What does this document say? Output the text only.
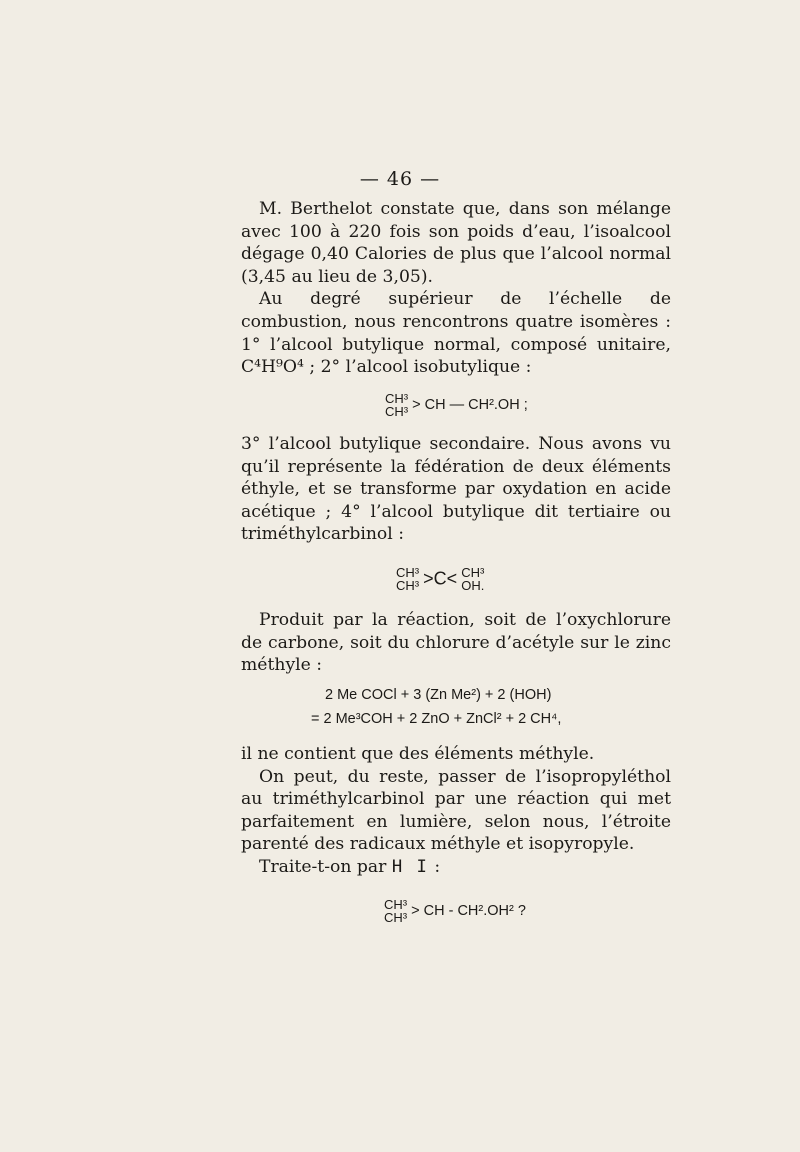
— 46 —

M. Berthelot constate que, dans son mélange avec 100 à 220 fois son poids d’eau, l’isoalcool dégage 0,40 Calories de plus que l’alcool normal (3,45 au lieu de 3,05).

Au degré supérieur de l’échelle de combustion, nous rencontrons quatre isomères : 1° l’alcool butylique normal, composé unitaire, C⁴H⁹O⁴ ; 2° l’alcool isobutylique :

CH³
CH³ > CH — CH².OH ;

3° l’alcool butylique secondaire. Nous avons vu qu’il représente la fédération de deux éléments éthyle, et se transforme par oxydation en acide acétique ; 4° l’alcool butylique dit tertiaire ou triméthylcarbinol :

CH³
CH³ >C< CH³
OH.

Produit par la réaction, soit de l’oxychlorure de carbone, soit du chlorure d’acétyle sur le zinc méthyle :

2 Me COCl + 3 (Zn Me²) + 2 (HOH)
= 2 Me³COH + 2 ZnO + ZnCl² + 2 CH⁴,

il ne contient que des éléments méthyle.

On peut, du reste, passer de l’isopropyléthol au triméthylcarbinol par une réaction qui met parfaitement en lumière, selon nous, l’étroite parenté des radicaux méthyle et isopyropyle.

Traite-t-on par H I :

CH³
CH³ > CH - CH².OH² ?
